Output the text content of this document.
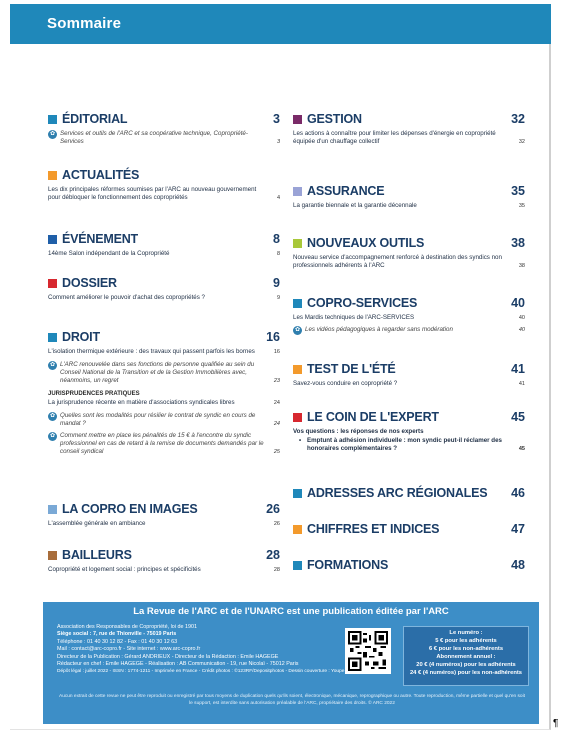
Sommaire
ÉDITORIAL	3
✿ Services et outils de l'ARC et sa coopérative technique, Copropriété-Services	3
ACTUALITÉS
Les dix principales réformes soumises par l'ARC au nouveau gouvernement pour débloquer le fonctionnement des copropriétés	4
ÉVÉNEMENT	8
14ème Salon indépendant de la Copropriété	8
DOSSIER	9
Comment améliorer le pouvoir d'achat des copropriétés ?	9
DROIT	16
L'isolation thermique extérieure : des travaux qui passent parfois les bornes	16
✿ L'ARC renouvelée dans ses fonctions de personne qualifiée au sein du Conseil National de la Transition et de la Gestion Immobilières avec, néanmoins, un regret	23
JURISPRUDENCES PRATIQUES
La jurisprudence récente en matière d'associations syndicales libres	24
✿ Quelles sont les modalités pour résilier le contrat de syndic en cours de mandat ?	24
✿ Comment mettre en place les pénalités de 15 € à l'encontre du syndic professionnel en cas de retard à la remise de documents demandés par le conseil syndical	25
LA COPRO EN IMAGES	26
L'assemblée générale en ambiance	26
BAILLEURS	28
Copropriété et logement social : principes et spécificités	28
GESTION	32
Les actions à connaître pour limiter les dépenses d'énergie en copropriété équipée d'un chauffage collectif	32
ASSURANCE	35
La garantie biennale et la garantie décennale	35
NOUVEAUX OUTILS	38
Nouveau service d'accompagnement renforcé à destination des syndics non professionnels adhérents à l'ARC	38
COPRO-SERVICES	40
Les Mardis techniques de l'ARC-SERVICES	40
✿ Les vidéos pédagogiques à regarder sans modération	40
TEST DE L'ÉTÉ	41
Savez-vous conduire en copropriété ?	41
LE COIN DE L'EXPERT	45
Vos questions : les réponses de nos experts
• Emptunt à adhésion individuelle : mon syndic peut-il réclamer des honoraires complémentaires ?	45
ADRESSES ARC RÉGIONALES 46
CHIFFRES ET INDICES	47
FORMATIONS	48
La Revue de l'ARC et de l'UNARC est une publication éditée par l'ARC
Association des Responsables de Copropriété, loi de 1901
Siège social : 7, rue de Thionville - 75019 Paris
Téléphone : 01 40 30 12 82 - Fax : 01 40 30 12 63
Mail : contact@arc-copro.fr - Site internet : www.arc-copro.fr
Directeur de la Publication : Gérard ANDRIEUX - Directeur de la Rédaction : Emile HAGEGE
Rédacteur en chef : Emile HAGEGE - Réalisation : AB Communication - 19, rue Nicolaï - 75012 Paris
Dépôt légal : juillet 2022 - ISSN : 1774-1211 - Imprimée en France - Crédit photos : ©123RF/Depositphotos - Dessin couverture : Youpe
Le numéro :
5 € pour les adhérents
6 € pour les non-adhérents
Abonnement annuel :
20 € (4 numéros) pour les adhérents
24 € (4 numéros) pour les non-adhérents
Aucun extrait de cette revue ne peut être reproduit ou enregistré par tous moyens de duplication quels qu'ils soient, électronique, mécanique, reprographique ou autre. Toute reproduction, même partielle et quel qu'en soit le support, est interdite sans autorisation préalable de l'ARC, propriétaire des droits. © ARC 2022
¶
